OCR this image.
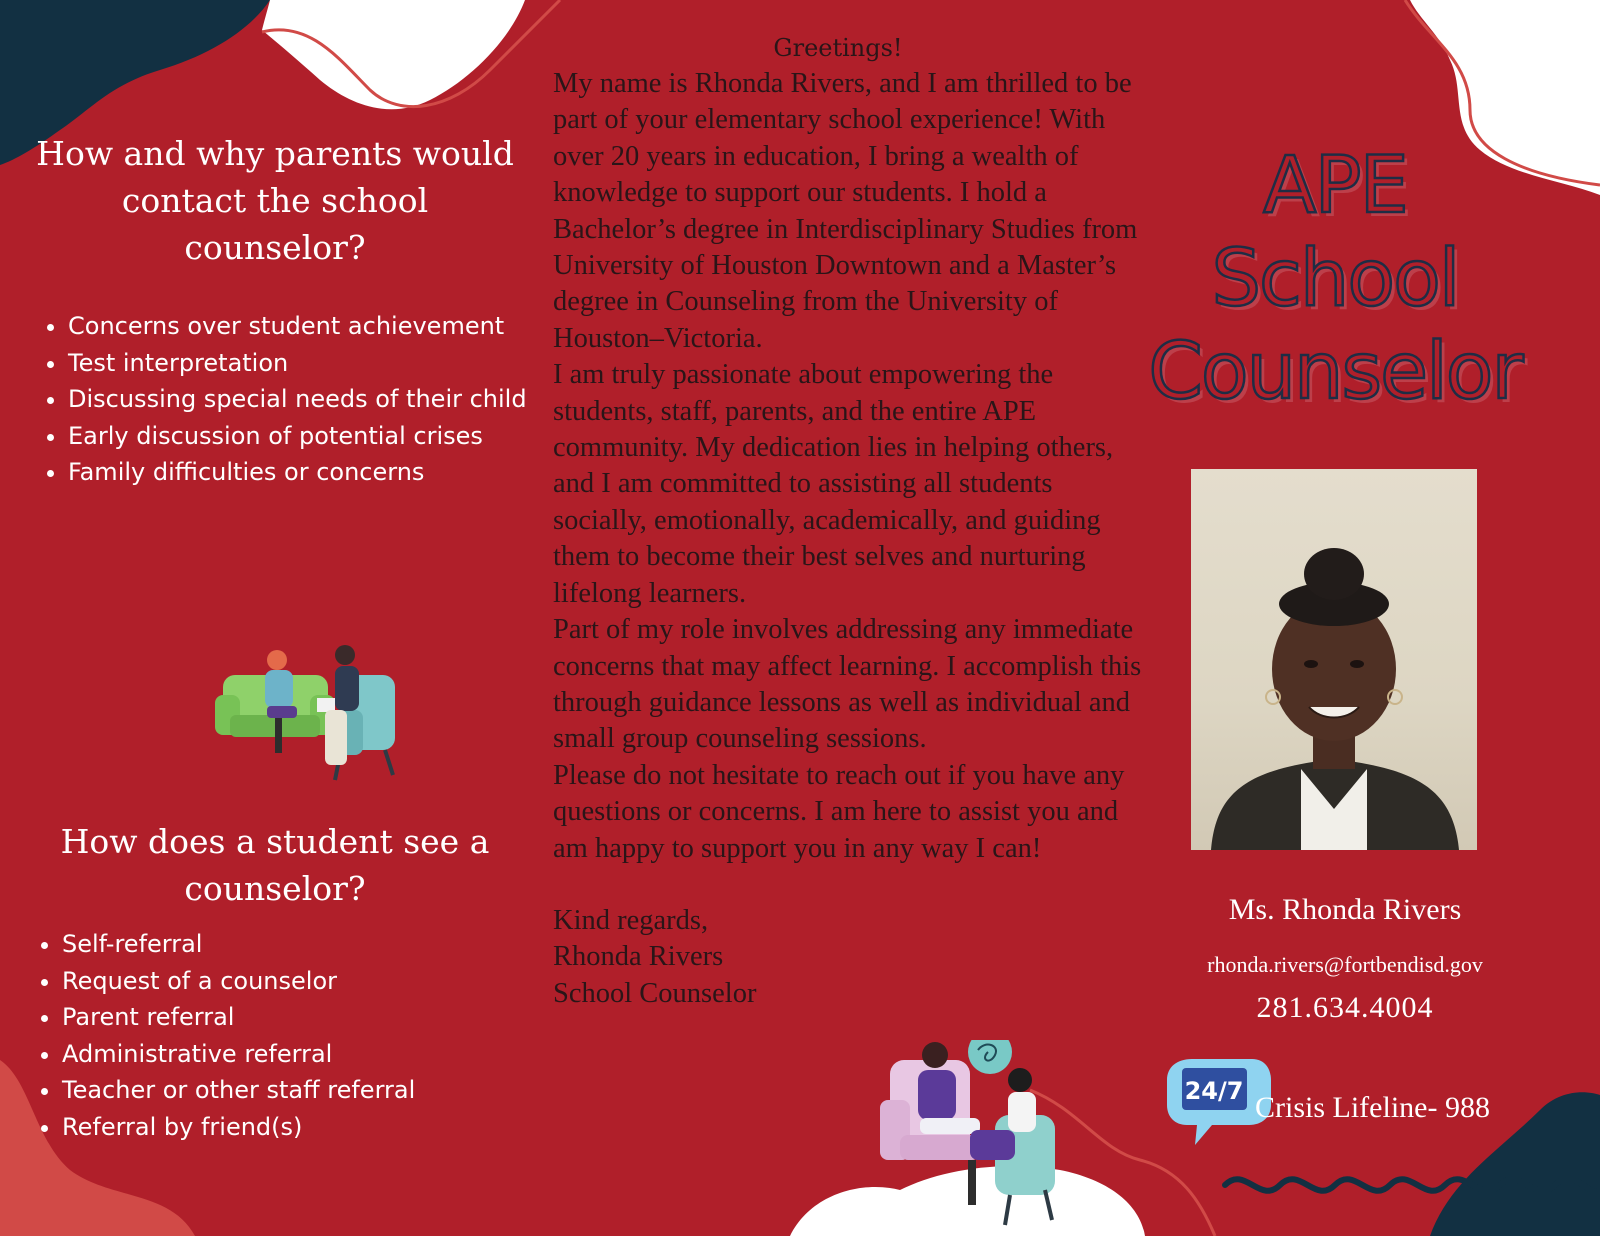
How and why parents would contact the school counselor?
• Concerns over student achievement
• Test interpretation
• Discussing special needs of their child
• Early discussion of potential crises
• Family difficulties or concerns
How does a student see a counselor?
• Self-referral
• Request of a counselor
• Parent referral
• Administrative referral
• Teacher or other staff referral
• Referral by friend(s)
Greetings!

My name is Rhonda Rivers, and I am thrilled to be part of your elementary school experience! With over 20 years in education, I bring a wealth of knowledge to support our students. I hold a Bachelor’s degree in Interdisciplinary Studies from University of Houston Downtown and a Master’s degree in Counseling from the University of Houston–Victoria.

I am truly passionate about empowering the students, staff, parents, and the entire APE community. My dedication lies in helping others, and I am committed to assisting all students socially, emotionally, academically, and guiding them to become their best selves and nurturing lifelong learners.

Part of my role involves addressing any immediate concerns that may affect learning. I accomplish this through guidance lessons as well as individual and small group counseling sessions.

Please do not hesitate to reach out if you have any questions or concerns. I am here to assist you and am happy to support you in any way I can!

Kind regards,
Rhonda Rivers
School Counselor
APE
School
Counselor
Ms. Rhonda Rivers
rhonda.rivers@fortbendisd.gov
281.634.4004
24/7 Crisis Lifeline- 988
